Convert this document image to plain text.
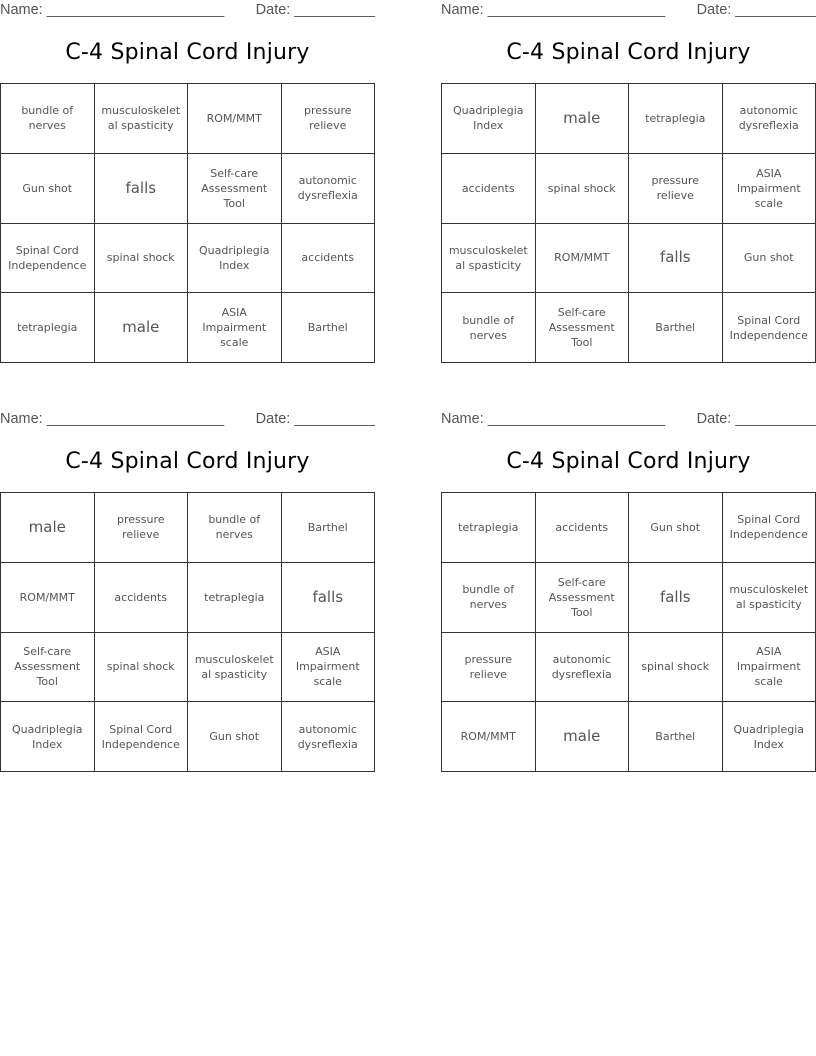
Name: ______________________ Date: __________
C-4 Spinal Cord Injury
bundle of nerves	musculoskeletal spasticity	ROM/MMT	pressure relieve
Gun shot	falls	Self-care Assessment Tool	autonomic dysreflexia
Spinal Cord Independence	spinal shock	Quadriplegia Index	accidents
tetraplegia	male	ASIA Impairment scale	Barthel
Name: ______________________ Date: __________
C-4 Spinal Cord Injury
Quadriplegia Index	male	tetraplegia	autonomic dysreflexia
accidents	spinal shock	pressure relieve	ASIA Impairment scale
musculoskeletal spasticity	ROM/MMT	falls	Gun shot
bundle of nerves	Self-care Assessment Tool	Barthel	Spinal Cord Independence
Name: ______________________ Date: __________
C-4 Spinal Cord Injury
male	pressure relieve	bundle of nerves	Barthel
ROM/MMT	accidents	tetraplegia	falls
Self-care Assessment Tool	spinal shock	musculoskeletal spasticity	ASIA Impairment scale
Quadriplegia Index	Spinal Cord Independence	Gun shot	autonomic dysreflexia
Name: ______________________ Date: __________
C-4 Spinal Cord Injury
tetraplegia	accidents	Gun shot	Spinal Cord Independence
bundle of nerves	Self-care Assessment Tool	falls	musculoskeletal spasticity
pressure relieve	autonomic dysreflexia	spinal shock	ASIA Impairment scale
ROM/MMT	male	Barthel	Quadriplegia Index
